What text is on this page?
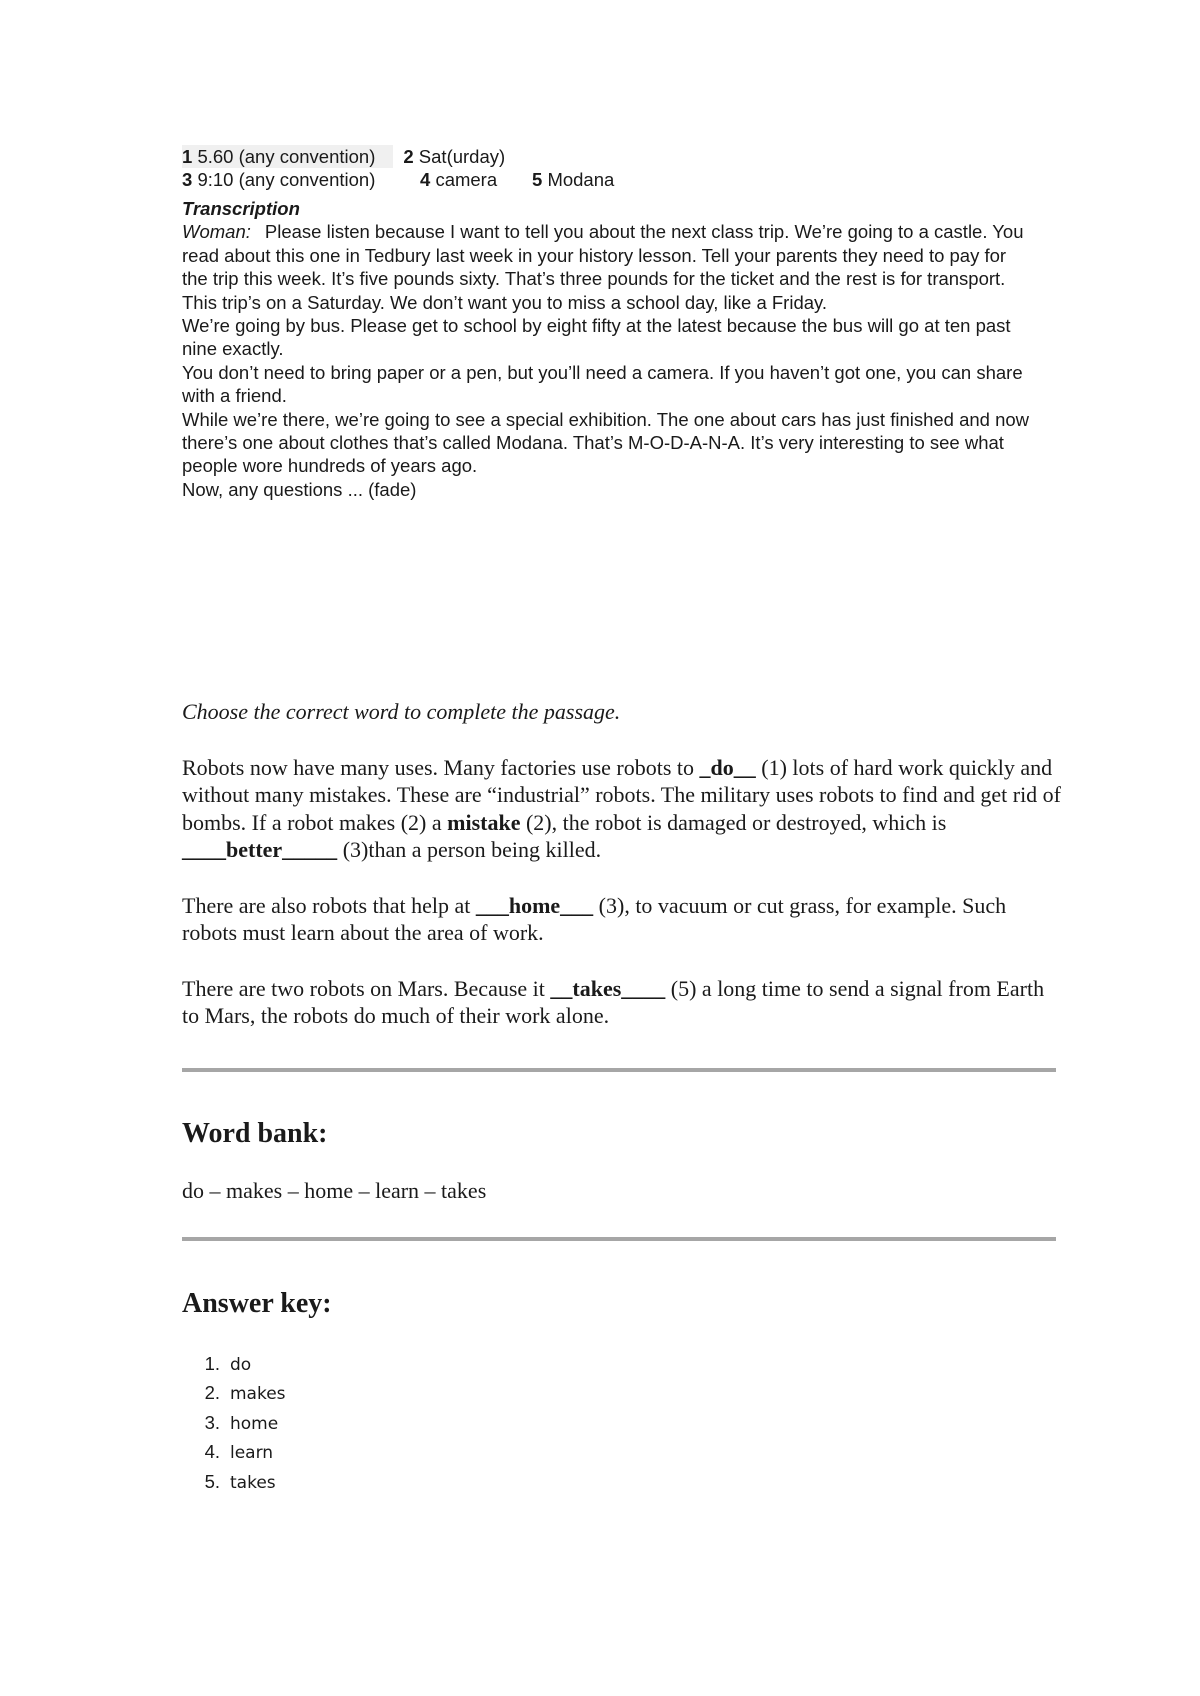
1 5.60 (any convention) 2 Sat(urday)
3 9:10 (any convention) 4 camera 5 Modana
Transcription

Woman: Please listen because I want to tell you about the next class trip. We’re going to a castle. You read about this one in Tedbury last week in your history lesson. Tell your parents they need to pay for the trip this week. It’s five pounds sixty. That’s three pounds for the ticket and the rest is for transport.

This trip’s on a Saturday. We don’t want you to miss a school day, like a Friday.

We’re going by bus. Please get to school by eight fifty at the latest because the bus will go at ten past nine exactly.

You don’t need to bring paper or a pen, but you’ll need a camera. If you haven’t got one, you can share with a friend.

While we’re there, we’re going to see a special exhibition. The one about cars has just finished and now there’s one about clothes that’s called Modana. That’s M-O-D-A-N-A. It’s very interesting to see what people wore hundreds of years ago.

Now, any questions ... (fade)

Choose the correct word to complete the passage.

Robots now have many uses. Many factories use robots to _do__ (1) lots of hard work quickly and without many mistakes. These are “industrial” robots. The military uses robots to find and get rid of bombs. If a robot makes (2) a mistake (2), the robot is damaged or destroyed, which is ____better_____ (3)than a person being killed.

There are also robots that help at ___home___ (3), to vacuum or cut grass, for example. Such robots must learn about the area of work.

There are two robots on Mars. Because it __takes____ (5) a long time to send a signal from Earth to Mars, the robots do much of their work alone.

Word bank:
do – makes – home – learn – takes
Answer key:
1. do
2. makes
3. home
4. learn
5. takes
